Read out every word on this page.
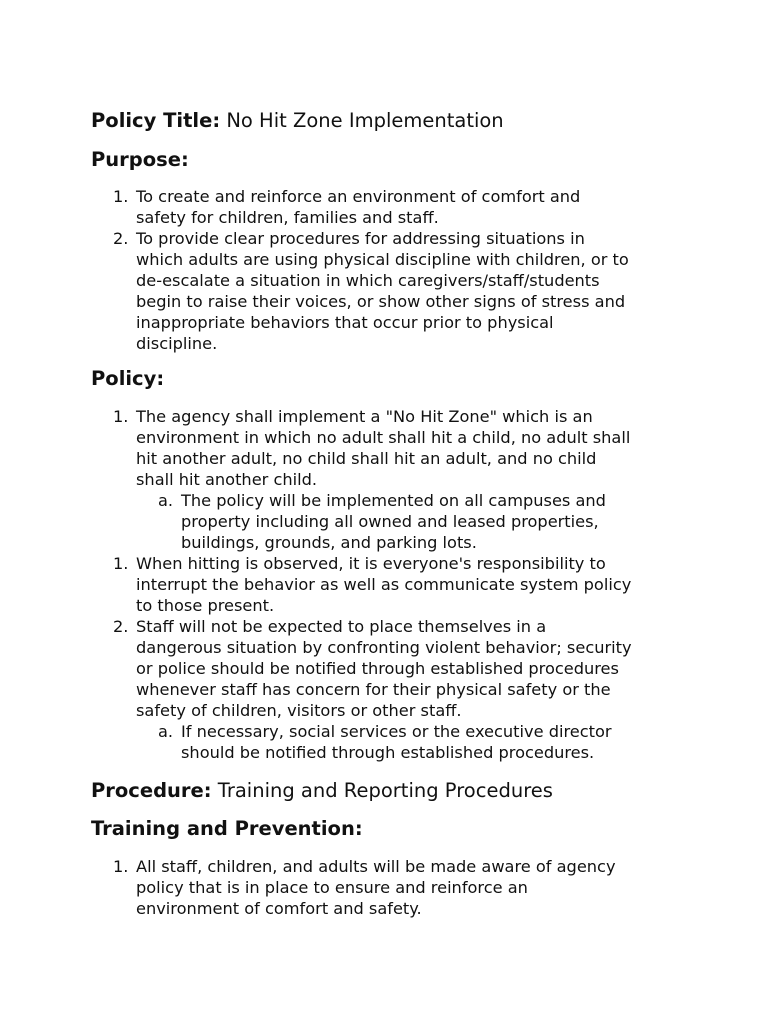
Policy Title: No Hit Zone Implementation

Purpose:

1. To create and reinforce an environment of comfort and
safety for children, families and staff.
2. To provide clear procedures for addressing situations in
which adults are using physical discipline with children, or to
de-escalate a situation in which caregivers/staff/students
begin to raise their voices, or show other signs of stress and
inappropriate behaviors that occur prior to physical
discipline.

Policy:

1. The agency shall implement a "No Hit Zone" which is an
environment in which no adult shall hit a child, no adult shall
hit another adult, no child shall hit an adult, and no child
shall hit another child.
a. The policy will be implemented on all campuses and
property including all owned and leased properties,
buildings, grounds, and parking lots.
1. When hitting is observed, it is everyone's responsibility to
interrupt the behavior as well as communicate system policy
to those present.
2. Staff will not be expected to place themselves in a
dangerous situation by confronting violent behavior; security
or police should be notified through established procedures
whenever staff has concern for their physical safety or the
safety of children, visitors or other staff.
a. If necessary, social services or the executive director
should be notified through established procedures.

Procedure: Training and Reporting Procedures

Training and Prevention:

1. All staff, children, and adults will be made aware of agency
policy that is in place to ensure and reinforce an
environment of comfort and safety.
